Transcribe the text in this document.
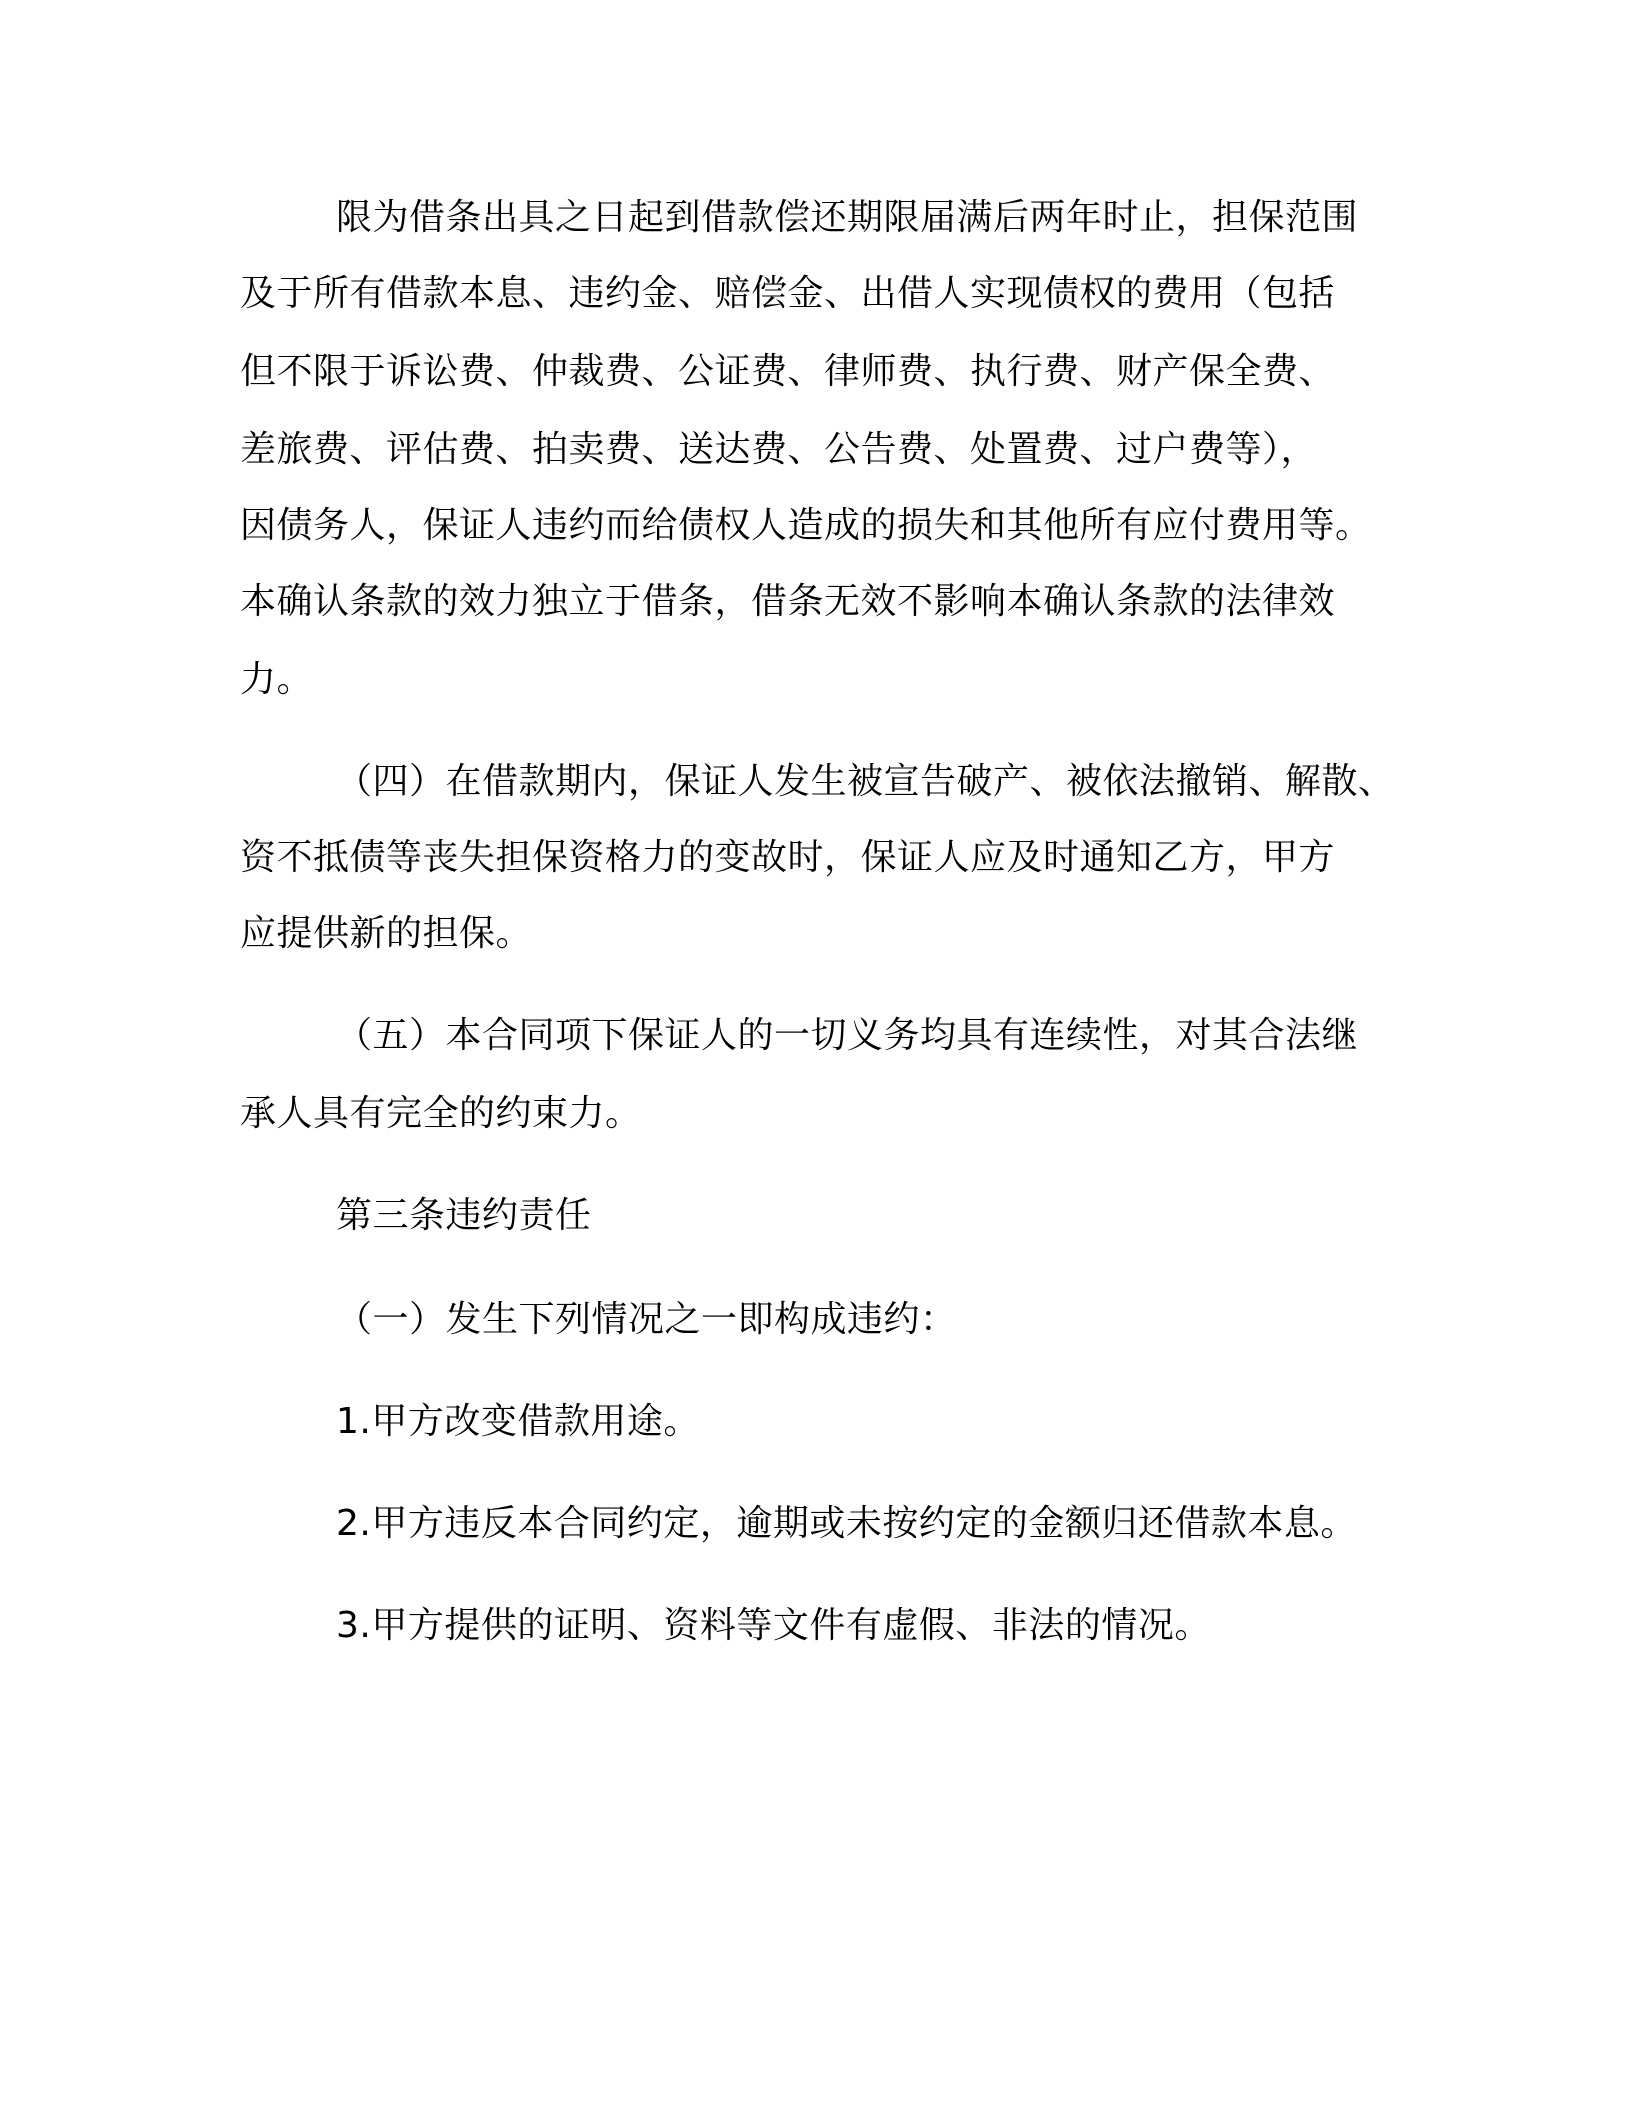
限为借条出具之日起到借款偿还期限届满后两年时止，担保范围
及于所有借款本息、违约金、赔偿金、出借人实现债权的费用（包括
但不限于诉讼费、仲裁费、公证费、律师费、执行费、财产保全费、
差旅费、评估费、拍卖费、送达费、公告费、处置费、过户费等），
因债务人，保证人违约而给债权人造成的损失和其他所有应付费用等。
本确认条款的效力独立于借条，借条无效不影响本确认条款的法律效
力。
（四）在借款期内，保证人发生被宣告破产、被依法撤销、解散、
资不抵债等丧失担保资格力的变故时，保证人应及时通知乙方，甲方
应提供新的担保。
（五）本合同项下保证人的一切义务均具有连续性，对其合法继
承人具有完全的约束力。
第三条违约责任
（一）发生下列情况之一即构成违约：
1.甲方改变借款用途。
2.甲方违反本合同约定，逾期或未按约定的金额归还借款本息。
3.甲方提供的证明、资料等文件有虚假、非法的情况。
